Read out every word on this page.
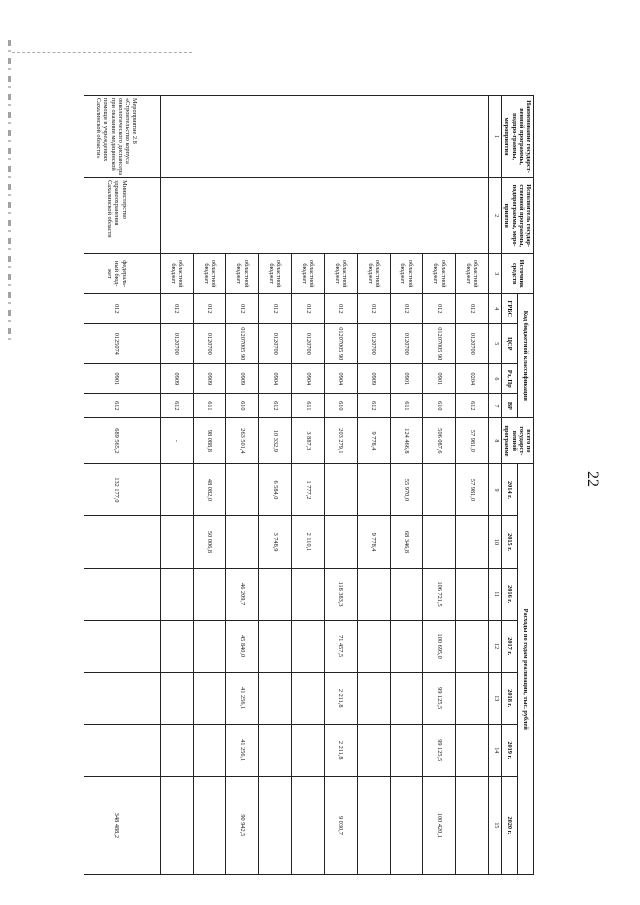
22
Наименование государст-венной программы, подпро-граммы, мероприятия	Исполнитель государ-ственной программы, подпрограммы, меро-приятия	Источник средств	Код бюджетной классификации				всего по государст-венной программе	Расходы по годам реализации, тыс. рублей						
			ГРБС	ЦСР	Рз, Пр	ВР		2014 г.	2015 г.	2016 г.	2017 г.	2018 г.	2019 г.	2020 г.
1	2	3	4	5	6	7	8	9	10	11	12	13	14	15
		областной бюджет	012	0120700	0204	612	57 981,0	57 981,0						
		областной бюджет	012	01207005 90	0901	610	506 087,6			106 721,5	100 695,0	99 125,5	99 125,5	100 420,1
		областной бюджет	012	0120700	0901	611	124 466,8	55 970,0	68 346,8					
		областной бюджет	012	0120700	0909	612	9 778,4		9 778,4					
		областной бюджет	012	01207005 90	0904	610	203 279,1			118 383,3	71 457,5	2 211,8	2 211,8	9 030,7
		областной бюджет	012	0120700	0904	611	3 887,3	1 777,2	2 110,1					
		областной бюджет	012	0120700	0904	612	10 332,9	6 584,0	3 748,9					
		областной бюджет	012	01207005 90	0909	610	263 501,4			46 209,7	45 840,0	41 256,1	41 256,1	90 942,5
		областной бюджет	012	0120700	0909	611	98 088,8	48 082,0	50 006,8					
		областной бюджет	012	0120700	0909	612	-							
Мероприятие 2.8 «Строительство корпуса онкологического диспансера при оказании медицинской помощи в учреждениях Сахалинской области»	Министерство здравоохранения Сахалинской области	федераль-ный бюд-жет	012	0125074	0901	612	689 565,2	132 177,0						348 488,2
